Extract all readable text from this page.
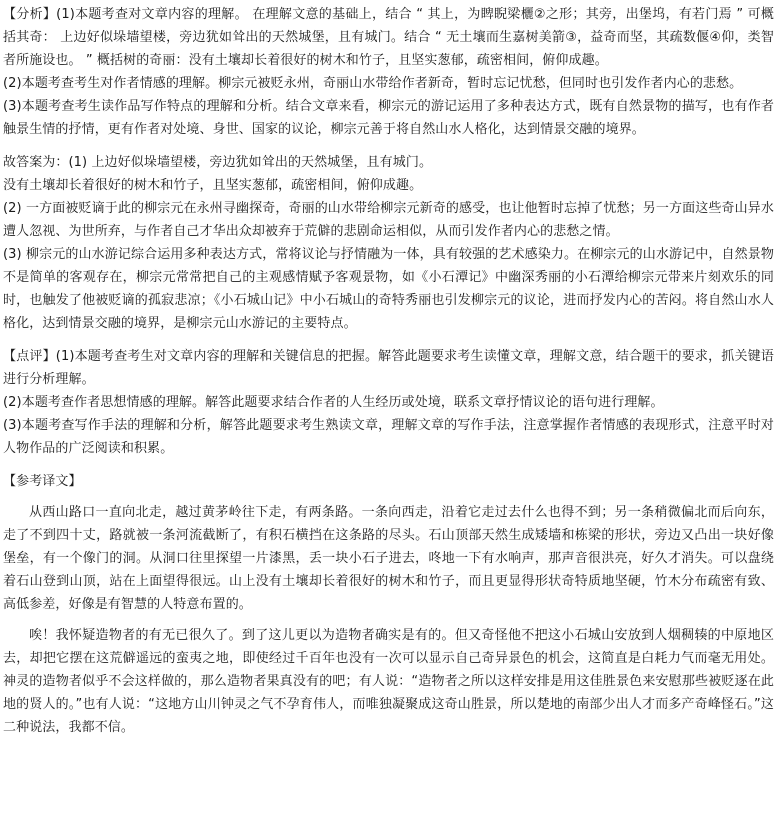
【分析】(1)本题考查对文章内容的理解。 在理解文意的基础上，结合 “ 其上，为睥睨梁欐②之形；其旁，出堡坞，有若门焉 ” 可概括其奇： 上边好似垛墙望楼，旁边犹如耸出的天然城堡，且有城门。结合 “ 无土壤而生嘉树美箭③，益奇而坚，其疏数偃④仰，类智者所施设也。 ” 概括树的奇丽：没有土壤却长着很好的树木和竹子，且坚实葱郁，疏密相间，俯仰成趣。

(2)本题考查考生对作者情感的理解。柳宗元被贬永州，奇丽山水带给作者新奇，暂时忘记忧愁，但同时也引发作者内心的悲愁。

(3)本题考查考生读作品写作特点的理解和分析。结合文章来看，柳宗元的游记运用了多种表达方式，既有自然景物的描写，也有作者触景生情的抒情，更有作者对处境、身世、国家的议论，柳宗元善于将自然山水人格化，达到情景交融的境界。

故答案为：(1) 上边好似垛墙望楼，旁边犹如耸出的天然城堡，且有城门。

没有土壤却长着很好的树木和竹子，且坚实葱郁，疏密相间，俯仰成趣。

(2) 一方面被贬谪于此的柳宗元在永州寻幽探奇，奇丽的山水带给柳宗元新奇的感受，也让他暂时忘掉了忧愁；另一方面这些奇山异水遭人忽视、为世所弃，与作者自己才华出众却被弃于荒僻的悲剧命运相似，从而引发作者内心的悲愁之情。

(3) 柳宗元的山水游记综合运用多种表达方式，常将议论与抒情融为一体，具有较强的艺术感染力。在柳宗元的山水游记中，自然景物不是简单的客观存在，柳宗元常常把自己的主观感情赋予客观景物，如《小石潭记》中幽深秀丽的小石潭给柳宗元带来片刻欢乐的同时，也触发了他被贬谪的孤寂悲凉；《小石城山记》中小石城山的奇特秀丽也引发柳宗元的议论，进而抒发内心的苦闷。将自然山水人格化，达到情景交融的境界，是柳宗元山水游记的主要特点。

【点评】(1)本题考查考生对文章内容的理解和关键信息的把握。解答此题要求考生读懂文章，理解文意，结合题干的要求，抓关键语进行分析理解。

(2)本题考查作者思想情感的理解。解答此题要求结合作者的人生经历或处境，联系文章抒情议论的语句进行理解。

(3)本题考查写作手法的理解和分析，解答此题要求考生熟读文章，理解文章的写作手法，注意掌握作者情感的表现形式，注意平时对人物作品的广泛阅读和积累。

【参考译文】

从西山路口一直向北走，越过黄茅岭往下走，有两条路。一条向西走，沿着它走过去什么也得不到；另一条稍微偏北而后向东，走了不到四十丈，路就被一条河流截断了，有积石横挡在这条路的尽头。石山顶部天然生成矮墙和栋梁的形状，旁边又凸出一块好像堡垒，有一个像门的洞。从洞口往里探望一片漆黑，丢一块小石子进去，咚地一下有水响声，那声音很洪亮，好久才消失。可以盘绕着石山登到山顶，站在上面望得很远。山上没有土壤却长着很好的树木和竹子，而且更显得形状奇特质地坚硬，竹木分布疏密有致、高低参差，好像是有智慧的人特意布置的。

唉！我怀疑造物者的有无已很久了。到了这儿更以为造物者确实是有的。但又奇怪他不把这小石城山安放到人烟稠辏的中原地区去，却把它摆在这荒僻遥远的蛮夷之地，即使经过千百年也没有一次可以显示自己奇异景色的机会，这简直是白耗力气而毫无用处。神灵的造物者似乎不会这样做的，那么造物者果真没有的吧；有人说：“造物者之所以这样安排是用这佳胜景色来安慰那些被贬逐在此地的贤人的。”也有人说：“这地方山川钟灵之气不孕育伟人，而唯独凝聚成这奇山胜景，所以楚地的南部少出人才而多产奇峰怪石。”这二种说法，我都不信。
